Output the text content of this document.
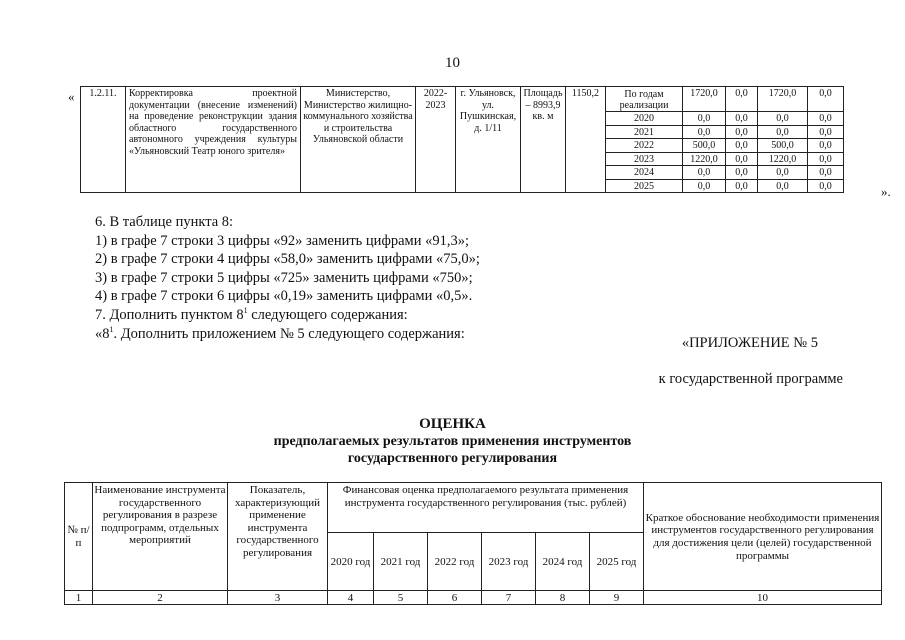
10
« 1.2.11.	Корректировка проектной документации (внесение изменений) на проведение реконструкции здания областного государственного автономного учреждения культуры «Ульяновский Театр юного зрителя»	Министерство, Министерство жилищно-коммунального хозяйства и строительства Ульяновской области	2022-2023	г. Ульяновск, ул. Пушкинская, д. 1/11	Площадь – 8993,9 кв. м	1150,2	По годам реализации	1720,0	0,0	1720,0	0,0
							2020	0,0	0,0	0,0	0,0
							2021	0,0	0,0	0,0	0,0
							2022	500,0	0,0	500,0	0,0
							2023	1220,0	0,0	1220,0	0,0
							2024	0,0	0,0	0,0	0,0
							2025	0,0	0,0	0,0	0,0	».

6. В таблице пункта 8:

1) в графе 7 строки 3 цифры «92» заменить цифрами «91,3»;

2) в графе 7 строки 4 цифры «58,0» заменить цифрами «75,0»;

3) в графе 7 строки 5 цифры «725» заменить цифрами «750»;

4) в графе 7 строки 6 цифры «0,19» заменить цифрами «0,5».

7. Дополнить пунктом $8^1$ следующего содержания:

«$8^1$. Дополнить приложением № 5 следующего содержания:

«ПРИЛОЖЕНИЕ № 5
к государственной программе
ОЦЕНКА
предполагаемых результатов применения инструментов
государственного регулирования
№ п/п	Наименование инструмента государственного регулирования в разрезе подпрограмм, отдельных мероприятий	Показатель, характеризующий применение инструмента государственного регулирования	Финансовая оценка предполагаемого результата применения инструмента государственного регулирования (тыс. рублей)						Краткое обоснование необходимости применения инструментов государственного регулирования для достижения цели (целей) государственной программы
			2020 год	2021 год	2022 год	2023 год	2024 год	2025 год	
1	2	3	4	5	6	7	8	9	10
